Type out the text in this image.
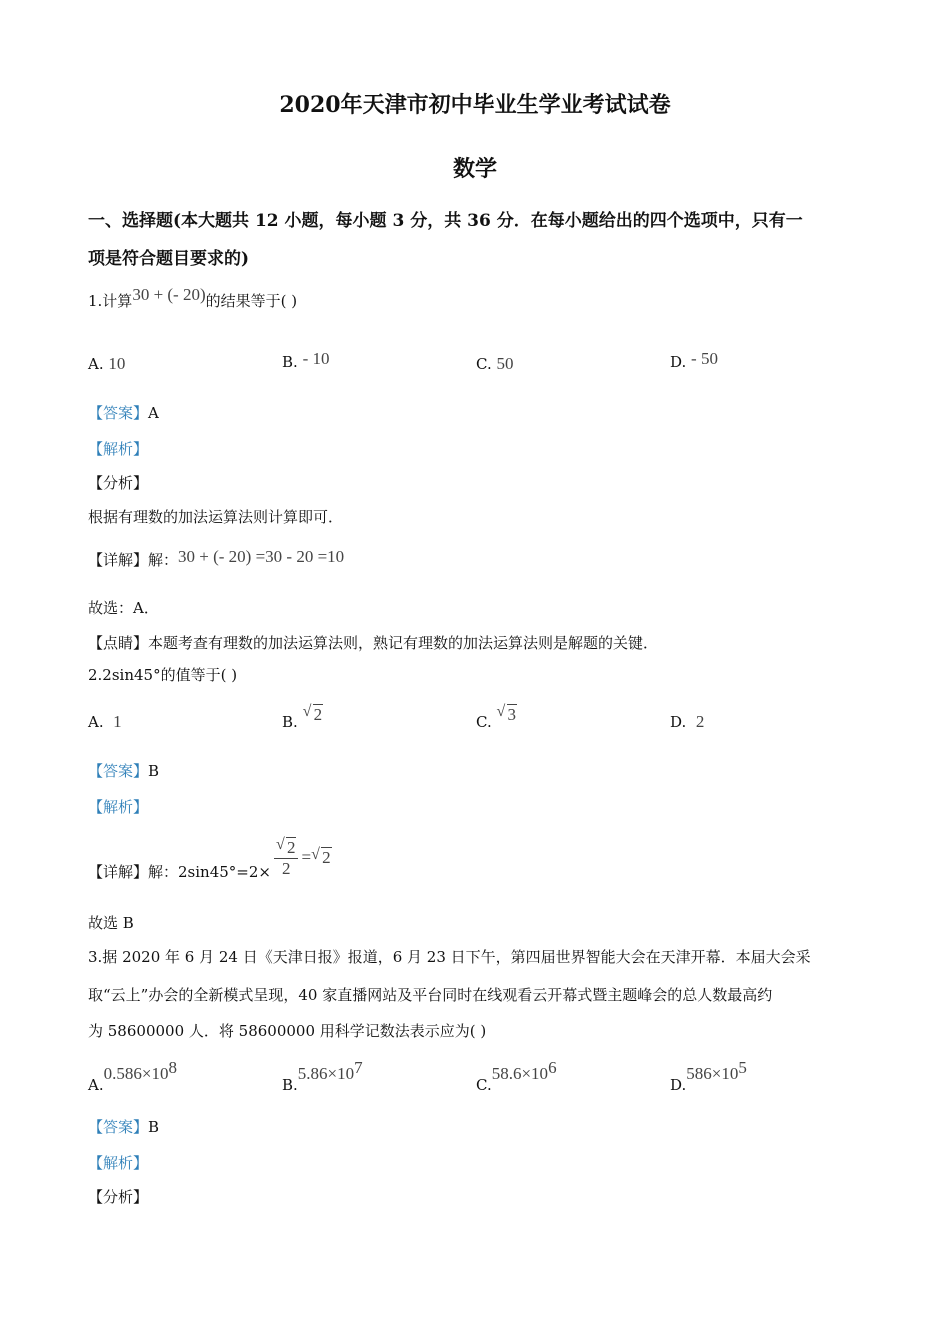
2020年天津市初中毕业生学业考试试卷
数学
一、选择题(本大题共 12 小题，每小题 3 分，共 36 分．在每小题给出的四个选项中，只有一
项是符合题目要求的)
1.计算30 + (- 20)的结果等于( )
A. 10	B. - 10	C. 50	D. - 50
【答案】A
【解析】
【分析】
根据有理数的加法运算法则计算即可．
【详解】解：30 + (- 20) =30 - 20 =10
故选：A．
【点睛】本题考查有理数的加法运算法则，熟记有理数的加法运算法则是解题的关键．
2.2sin45°的值等于( )
A. 1	B.
√ 2	C.
√ 3	D. 2
【答案】B
【解析】
【详解】解：$2\sin 45^\circ=2\times \frac{√ 2}{2}$ = √ 2
故选 B
3.据 2020 年 6 月 24 日《天津日报》报道，6 月 23 日下午，第四届世界智能大会在天津开幕．本届大会采
取“云上”办会的全新模式呈现，40 家直播网站及平台同时在线观看云开幕式暨主题峰会的总人数最高约
为 58600000 人．将 58600000 用科学记数法表示应为( )
$A.0.586\times 10^8$
$B.5.86\times 10^7$
$C.58.6\times 10^6$
$D.586\times 10^5$
【答案】B
【解析】
【分析】
